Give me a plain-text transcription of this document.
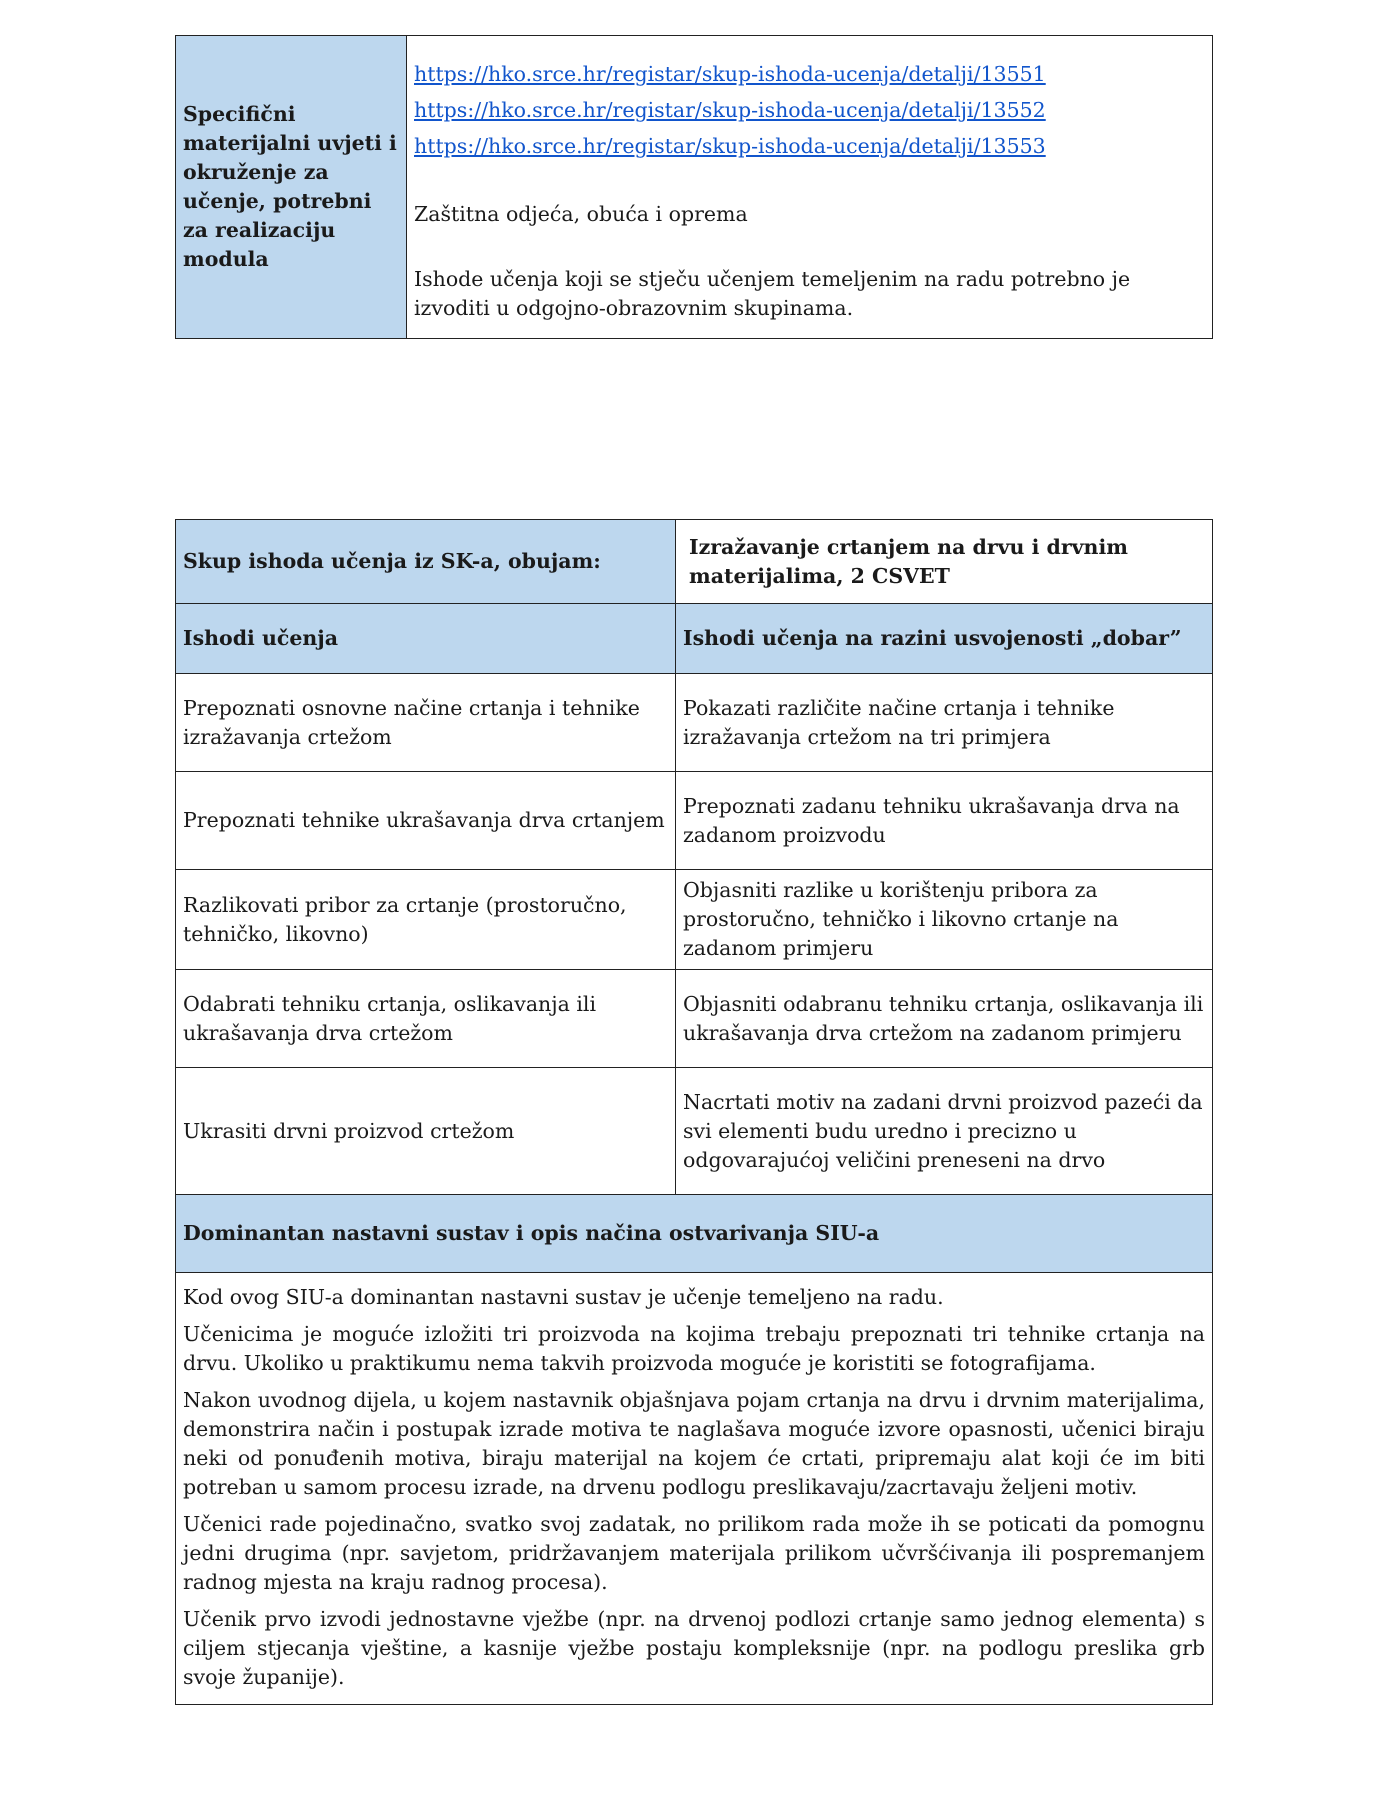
Specifični materijalni uvjeti i okruženje za učenje, potrebni za realizaciju modula	
https://hko.srce.hr/registar/skup-ishoda-ucenja/detalji/13551
https://hko.srce.hr/registar/skup-ishoda-ucenja/detalji/13552
https://hko.srce.hr/registar/skup-ishoda-ucenja/detalji/13553

Zaštitna odjeća, obuća i oprema

Ishode učenja koji se stječu učenjem temeljenim na radu potrebno je izvoditi u odgojno-obrazovnim skupinama.

Skup ishoda učenja iz SK-a, obujam:	Izražavanje crtanjem na drvu i drvnim materijalima, 2 CSVET
Ishodi učenja	Ishodi učenja na razini usvojenosti „dobar”
Prepoznati osnovne načine crtanja i tehnike izražavanja crtežom	Pokazati različite načine crtanja i tehnike izražavanja crtežom na tri primjera
Prepoznati tehnike ukrašavanja drva crtanjem	Prepoznati zadanu tehniku ukrašavanja drva na zadanom proizvodu
Razlikovati pribor za crtanje (prostoručno, tehničko, likovno)	Objasniti razlike u korištenju pribora za prostoručno, tehničko i likovno crtanje na zadanom primjeru
Odabrati tehniku crtanja, oslikavanja ili ukrašavanja drva crtežom	Objasniti odabranu tehniku crtanja, oslikavanja ili ukrašavanja drva crtežom na zadanom primjeru
Ukrasiti drvni proizvod crtežom	Nacrtati motiv na zadani drvni proizvod pazeći da svi elementi budu uredno i precizno u odgovarajućoj veličini preneseni na drvo
Dominantan nastavni sustav i opis načina ostvarivanja SIU-a	

Kod ovog SIU-a dominantan nastavni sustav je učenje temeljeno na radu.

Učenicima je moguće izložiti tri proizvoda na kojima trebaju prepoznati tri tehnike crtanja na drvu. Ukoliko u praktikumu nema takvih proizvoda moguće je koristiti se fotografijama.

Nakon uvodnog dijela, u kojem nastavnik objašnjava pojam crtanja na drvu i drvnim materijalima, demonstrira način i postupak izrade motiva te naglašava moguće izvore opasnosti, učenici biraju neki od ponuđenih motiva, biraju materijal na kojem će crtati, pripremaju alat koji će im biti potreban u samom procesu izrade, na drvenu podlogu preslikavaju/zacrtavaju željeni motiv.

Učenici rade pojedinačno, svatko svoj zadatak, no prilikom rada može ih se poticati da pomognu jedni drugima (npr. savjetom, pridržavanjem materijala prilikom učvršćivanja ili pospremanjem radnog mjesta na kraju radnog procesa).

Učenik prvo izvodi jednostavne vježbe (npr. na drvenoj podlozi crtanje samo jednog elementa) s ciljem stjecanja vještine, a kasnije vježbe postaju kompleksnije (npr. na podlogu preslika grb svoje županije).	
